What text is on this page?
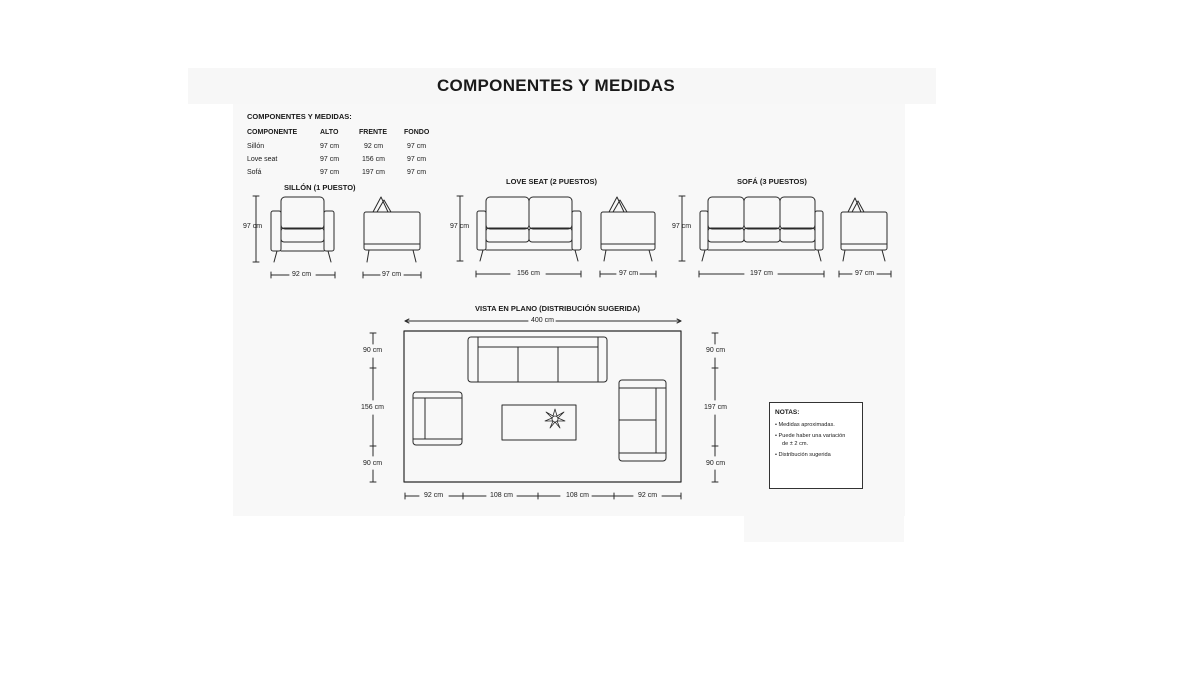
COMPONENTES Y MEDIDAS
COMPONENTES Y MEDIDAS:
COMPONENTE	ALTO	FRENTE FONDO
Sillón	97 cm	92 cm	97 cm
Love seat	97 cm	156 cm	97 cm
Sofá	97 cm	197 cm	97 cm
SILLÓN (1 PUESTO)
97 cm
92 cm	97 cm
LOVE SEAT (2 PUESTOS)
97 cm
156 cm	97 cm
SOFÁ (3 PUESTOS)
97 cm
197 cm	97 cm
VISTA EN PLANO (DISTRIBUCIÓN SUGERIDA)
400 cm
90 cm
156 cm
90 cm
90 cm
197 cm
90 cm
92 cm	108 cm	108 cm	92 cm
NOTAS:
• Medidas aproximadas.
• Puede haber una variación
de ± 2 cm.
• Distribución sugerida
